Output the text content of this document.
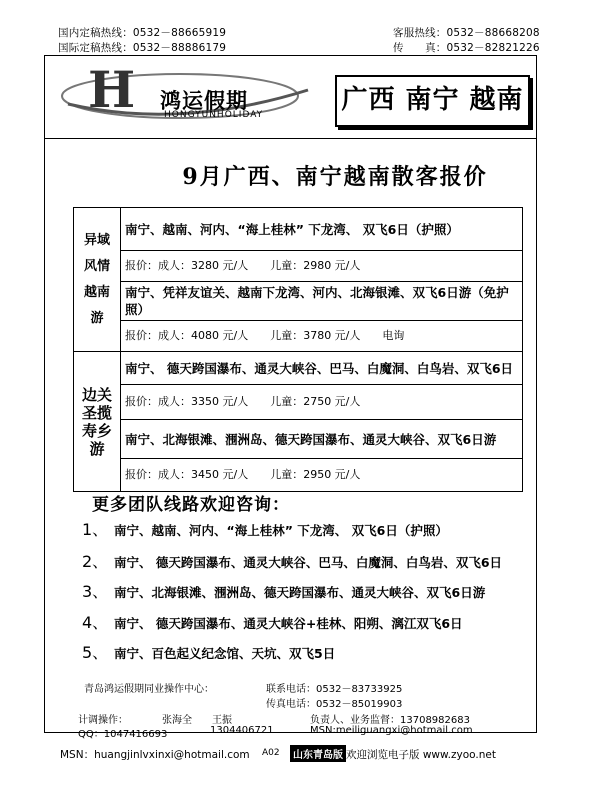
国内定稿热线：0532－88665919
国际定稿热线：0532－88886179
客服热线：0532－88668208
传　　真：0532－82821226
H 鸿运假期
HONGYUNHOLIDAY	广西 南宁 越南
9月广西、南宁越南散客报价
异域风情越南游	南宁、越南、河内、“海上桂林” 下龙湾、 双飞6日（护照）
	报价：成人：3280 元/人　　儿童：2980 元/人
	南宁、凭祥友谊关、越南下龙湾、河内、北海银滩、双飞6日游（免护照）
	报价：成人：4080 元/人　　儿童：3780 元/人　　电询

边关圣揽寿乡游	南宁、 德天跨国瀑布、通灵大峡谷、巴马、白魔洞、白鸟岩、双飞6日
	报价：成人：3350 元/人　　儿童：2750 元/人
	南宁、北海银滩、涠洲岛、德天跨国瀑布、通灵大峡谷、双飞6日游
	报价：成人：3450 元/人　　儿童：2950 元/人
更多团队线路欢迎咨询：
1、 南宁、越南、河内、“海上桂林” 下龙湾、 双飞6日（护照）
2、 南宁、 德天跨国瀑布、通灵大峡谷、巴马、白魔洞、白鸟岩、双飞6日
3、 南宁、北海银滩、涠洲岛、德天跨国瀑布、通灵大峡谷、双飞6日游
4、 南宁、 德天跨国瀑布、通灵大峡谷+桂林、阳朔、漓江双飞6日
5、 南宁、百色起义纪念馆、天坑、双飞5日
青岛鸿运假期同业操作中心：	联系电话：0532－83733925
传真电话：0532－85019903
计调操作：	张海全 王振	负责人、业务监督：13708982683
QQ：1047416693	1304406721	MSN:meiliguangxi@hotmail.com
MSN：huangjinlvxinxi@hotmail.com A02	山东青岛版 欢迎浏览电子版 www.zyoo.net
